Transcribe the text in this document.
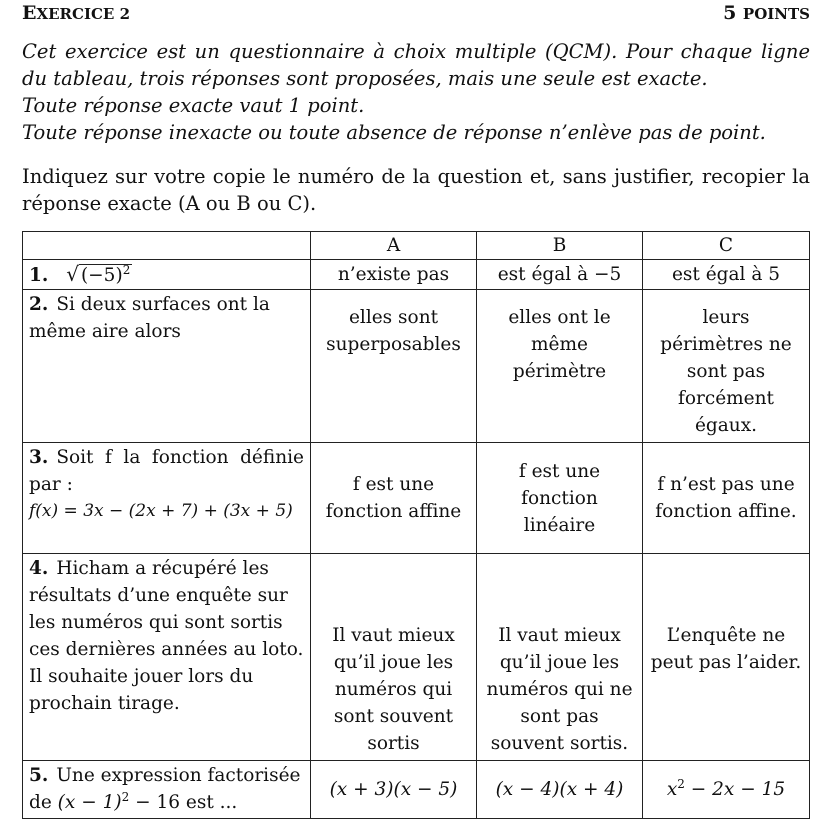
EXERCICE 2	5 POINTS

Cet exercice est un questionnaire à choix multiple (QCM). Pour chaque ligne du tableau, trois réponses sont proposées, mais une seule est exacte.

Toute réponse exacte vaut 1 point.

Toute réponse inexacte ou toute absence de réponse n’enlève pas de point.

Indiquez sur votre copie le numéro de la question et, sans justifier, recopier la réponse exacte (A ou B ou C).

	A	B	C
1. √ $(-5)^2$	n’existe pas	est égal à −5	est égal à 5
2. Si deux surfaces ont la même aire alors	elles sont superposables	elles ont le même périmètre	leurs périmètres ne sont pas forcément égaux.

3. Soit f la fonction définie par :
f(x) = 3x − (2x + 7) + (3x + 5)	f est une fonction affine	f est une fonction linéaire	f n’est pas une fonction affine.
4. Hicham a récupéré les résultats d’une enquête sur les numéros qui sont sortis ces dernières années au loto. Il souhaite jouer lors du prochain tirage.	Il vaut mieux qu’il joue les numéros qui sont souvent sortis	Il vaut mieux qu’il joue les numéros qui ne sont pas souvent sortis.	L’enquête ne peut pas l’aider.
5. Une expression factorisée de $(x - 1)^2 - 16$ est ...	(x + 3)(x − 5)	(x − 4)(x + 4)	$x^2 - 2x - 15$
